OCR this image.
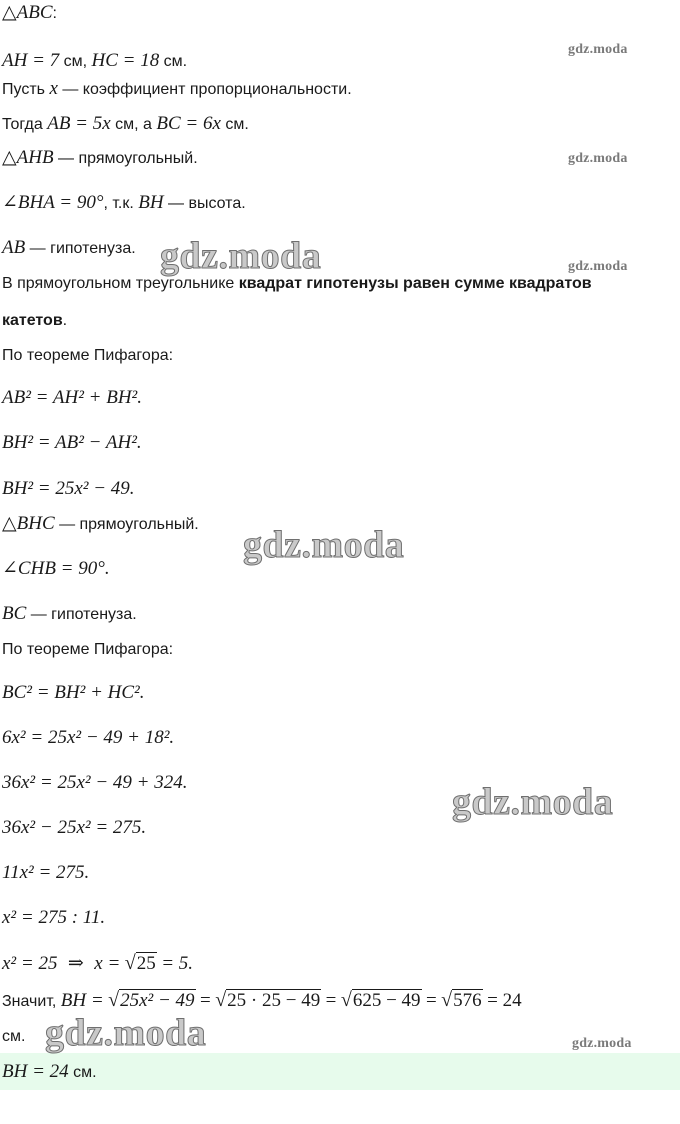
△ABC:
AH = 7 см, HC = 18 см.
Пусть x — коэффициент пропорциональности.
Тогда AB = 5x см, а BC = 6x см.
△AHB — прямоугольный.
∠BHA = 90°, т.к. BH — высота.
AB — гипотенуза.
В прямоугольном треугольнике квадрат гипотенузы равен сумме квадратов
катетов.
По теореме Пифагора:
AB² = AH² + BH².
BH² = AB² − AH².
BH² = 25x² − 49.
△BHC — прямоугольный.
∠CHB = 90°.
BC — гипотенуза.
По теореме Пифагора:
BC² = BH² + HC².
6x² = 25x² − 49 + 18².
36x² = 25x² − 49 + 324.
36x² − 25x² = 275.
11x² = 275.
x² = 275 : 11.
x² = 25 ⇒ x = √25 = 5.
Значит, BH = √25x² − 49 = √25 · 25 − 49 = √625 − 49 = √576 = 24
см.
BH = 24 см.
gdz.moda
gdz.moda
gdz.moda
gdz.moda
gdz.moda
gdz.moda
gdz.moda
gdz.moda
